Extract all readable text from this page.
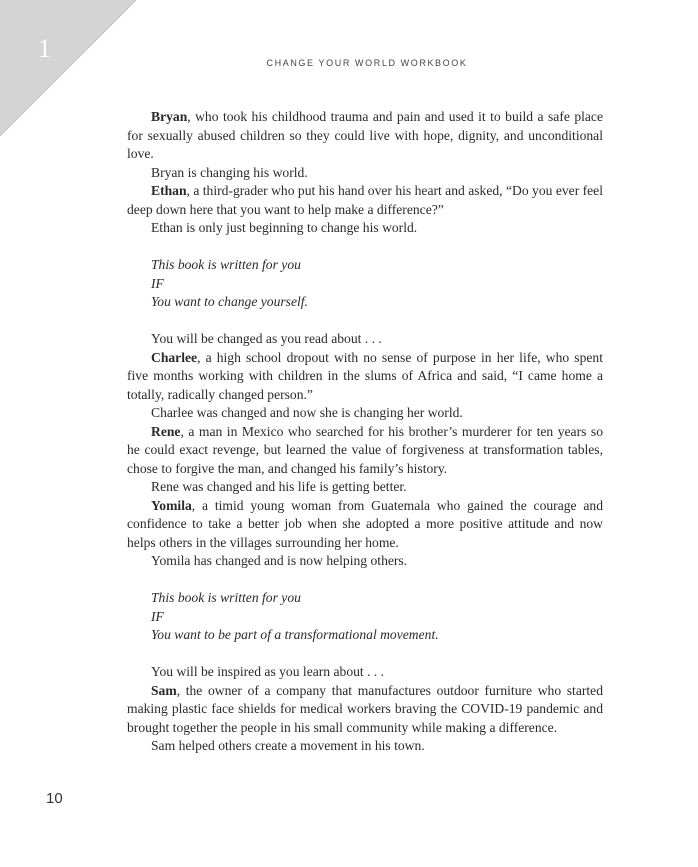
1	CHANGE YOUR WORLD WORKBOOK

Bryan, who took his childhood trauma and pain and used it to build a safe place for sexually abused children so they could live with hope, dignity, and unconditional love.

Bryan is changing his world.

Ethan, a third-grader who put his hand over his heart and asked, “Do you ever feel deep down here that you want to help make a difference?”

Ethan is only just beginning to change his world.

This book is written for you
IF
You want to change yourself.

You will be changed as you read about . . .

Charlee, a high school dropout with no sense of purpose in her life, who spent five months working with children in the slums of Africa and said, “I came home a totally, radically changed person.”

Charlee was changed and now she is changing her world.

Rene, a man in Mexico who searched for his brother’s murderer for ten years so he could exact revenge, but learned the value of forgiveness at transformation tables, chose to forgive the man, and changed his family’s history.

Rene was changed and his life is getting better.

Yomila, a timid young woman from Guatemala who gained the courage and confidence to take a better job when she adopted a more positive attitude and now helps others in the villages surrounding her home.

Yomila has changed and is now helping others.

This book is written for you
IF
You want to be part of a transformational movement.

You will be inspired as you learn about . . .

Sam, the owner of a company that manufactures outdoor furniture who started making plastic face shields for medical workers braving the COVID-19 pandemic and brought together the people in his small community while making a difference.

Sam helped others create a movement in his town.

10
